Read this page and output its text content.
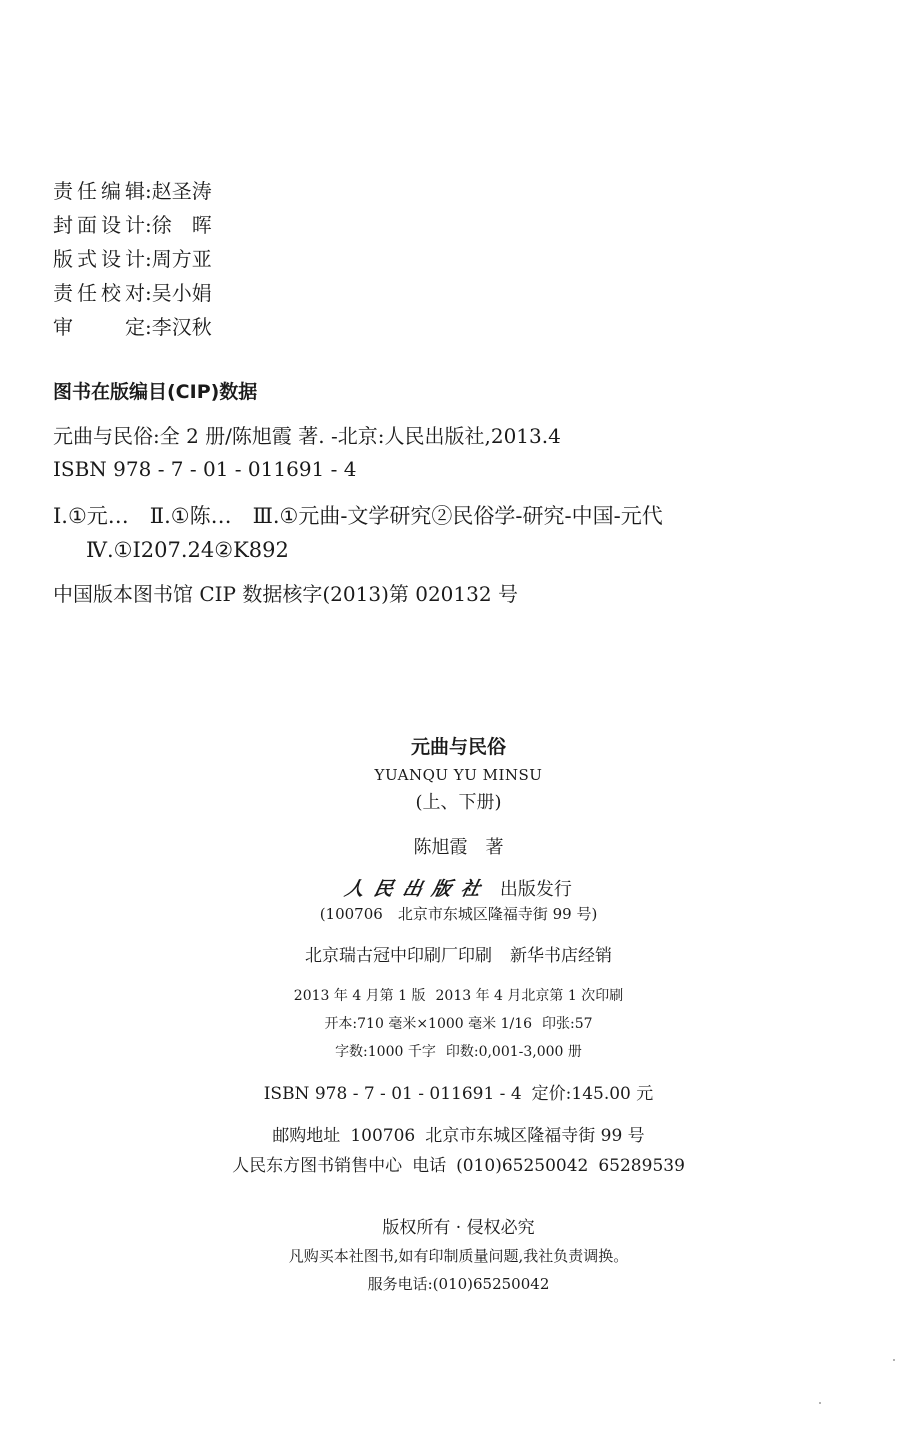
责任编辑:赵圣涛
封面设计:徐　晖
版式设计:周方亚
责任校对:吴小娟
审定:李汉秋
图书在版编目(CIP)数据
元曲与民俗:全 2 册/陈旭霞 著. -北京:人民出版社,2013.4
ISBN 978 - 7 - 01 - 011691 - 4
Ⅰ.①元…　Ⅱ.①陈…　Ⅲ.①元曲-文学研究②民俗学-研究-中国-元代
Ⅳ.①I207.24②K892
中国版本图书馆 CIP 数据核字(2013)第 020132 号
元曲与民俗
YUANQU YU MINSU
(上、下册)
陈旭霞　著
人民出版社 出版发行
(100706　北京市东城区隆福寺街 99 号)
北京瑞古冠中印刷厂印刷 新华书店经销
2013 年 4 月第 1 版 2013 年 4 月北京第 1 次印刷
开本:710 毫米×1000 毫米 1/16 印张:57
字数:1000 千字 印数:0,001-3,000 册
ISBN 978 - 7 - 01 - 011691 - 4 定价:145.00 元
邮购地址 100706 北京市东城区隆福寺街 99 号
人民东方图书销售中心 电话 (010)65250042 65289539
版权所有 · 侵权必究
凡购买本社图书,如有印制质量问题,我社负责调换。
服务电话:(010)65250042
